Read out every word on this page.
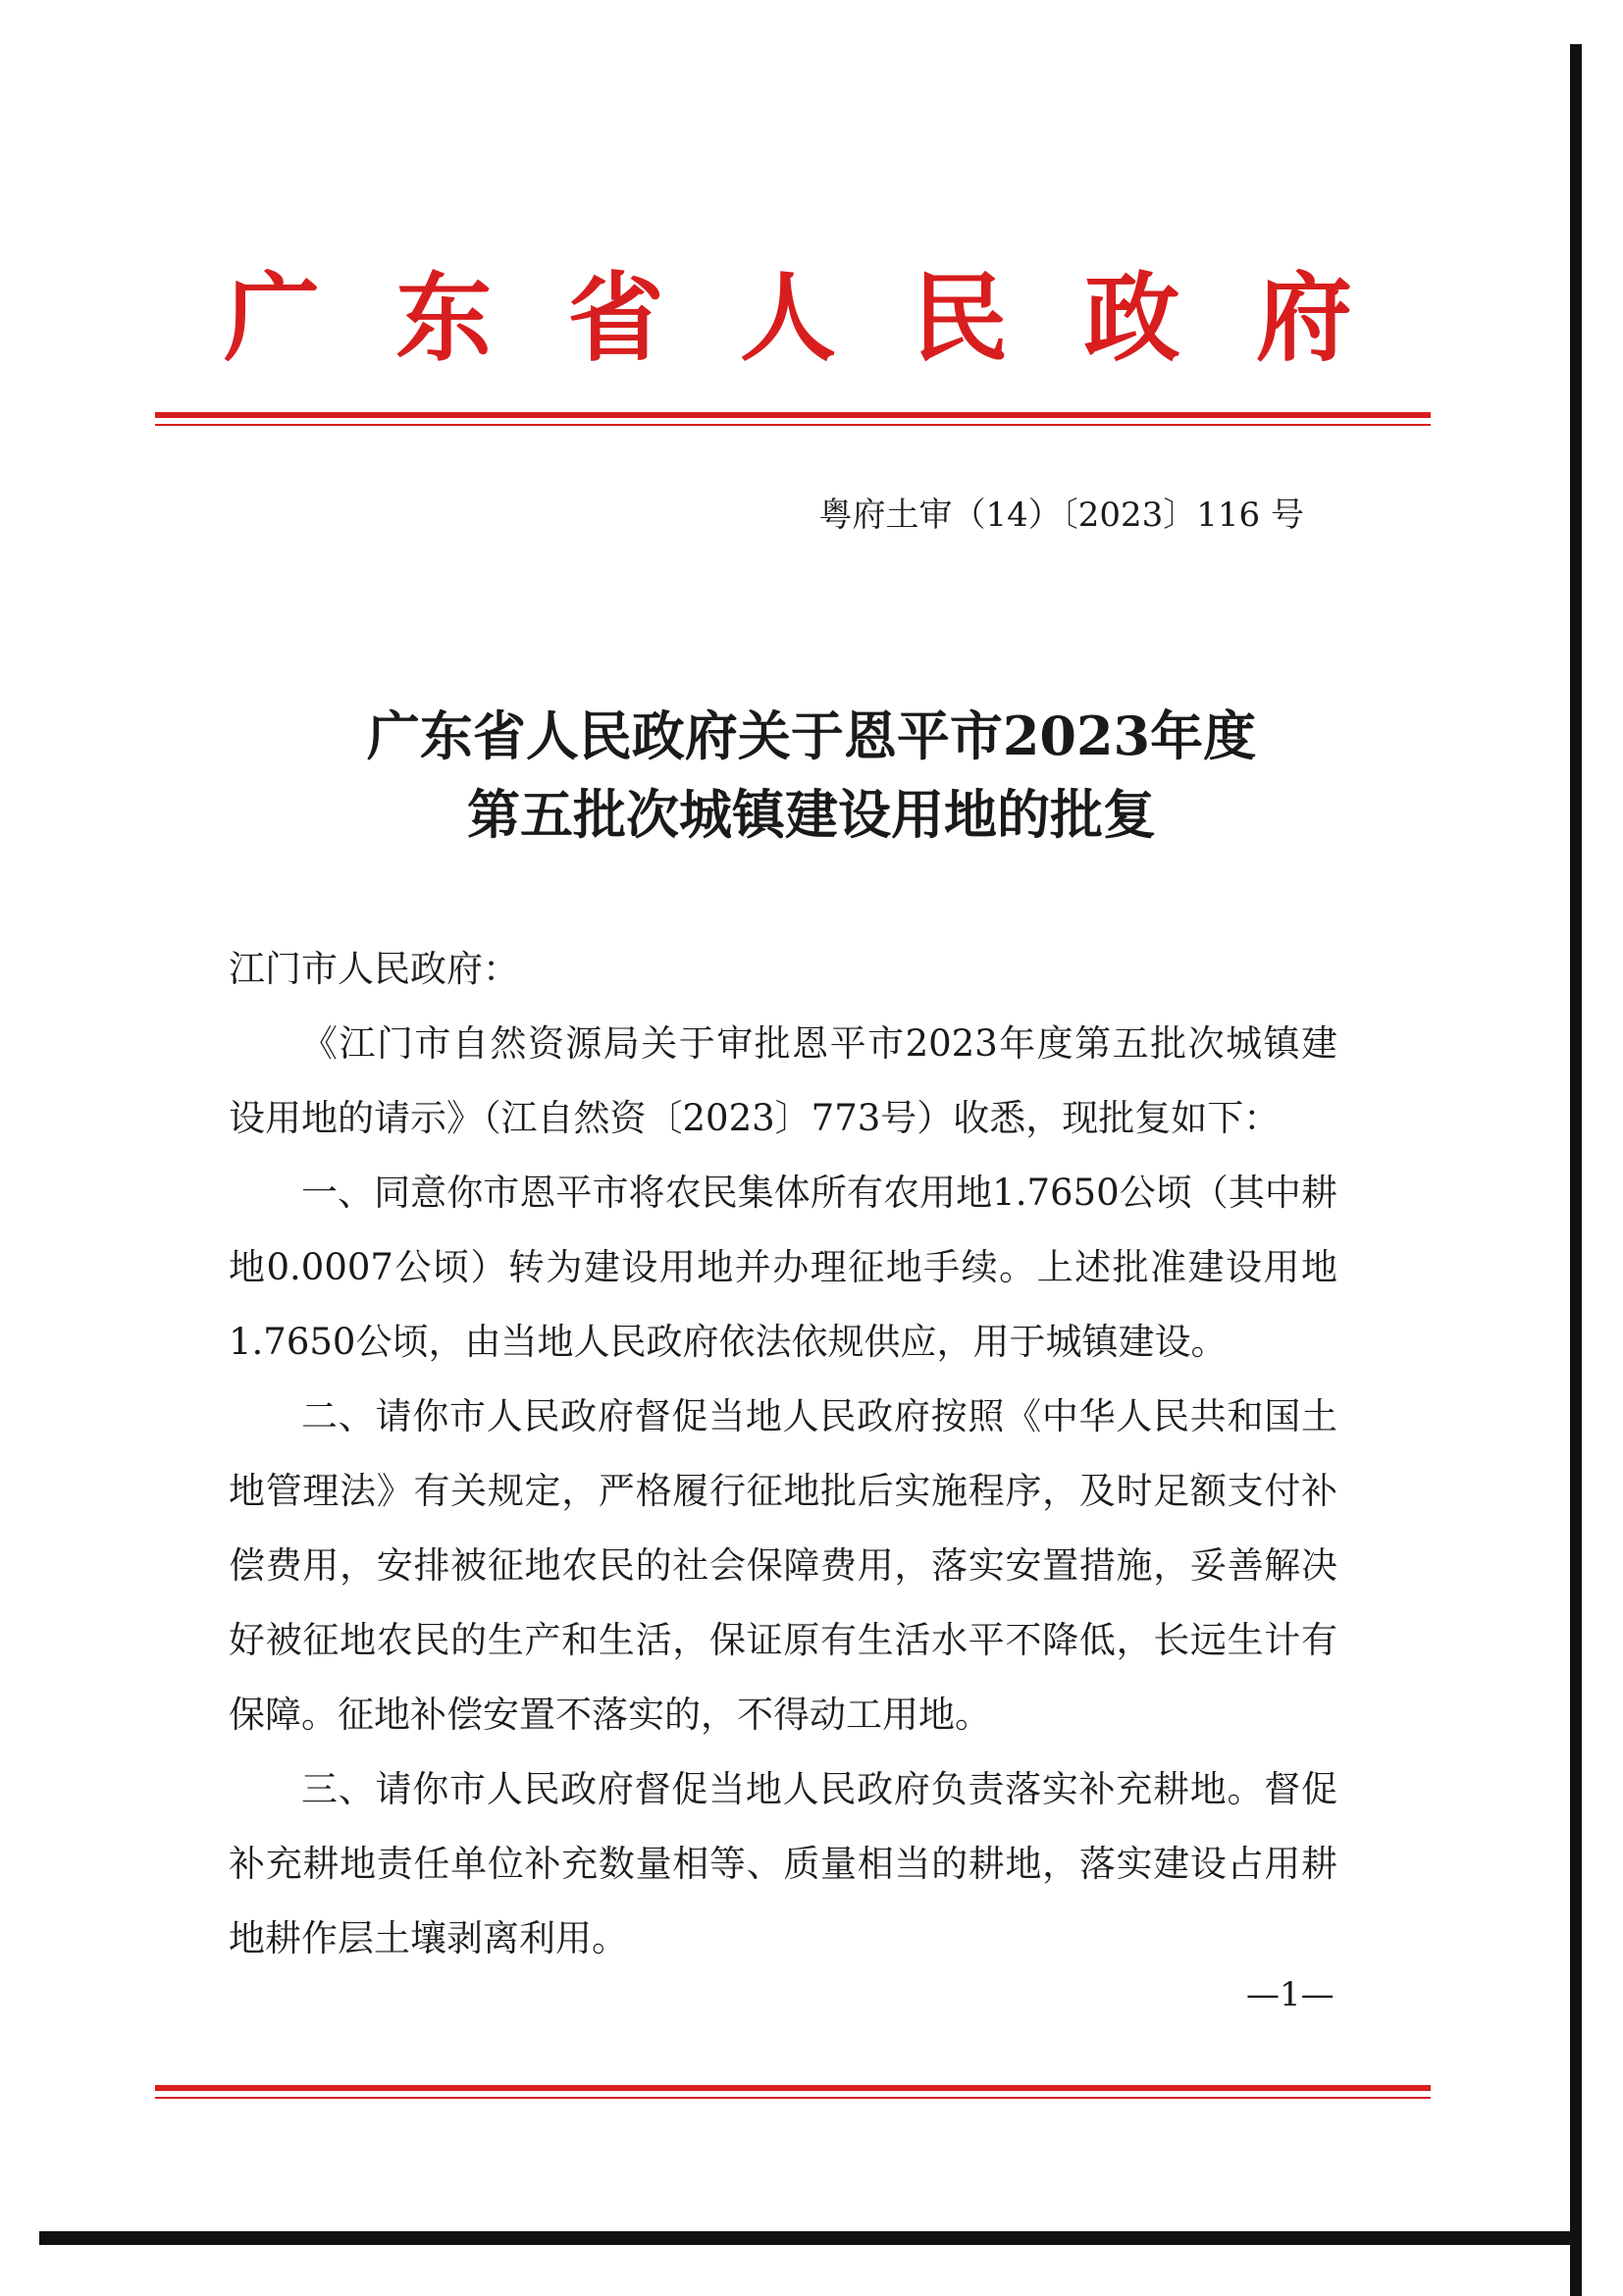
广 东 省 人 民 政 府

粤府土审（14）〔2023〕116 号

广东省人民政府关于恩平市2023年度
第五批次城镇建设用地的批复

江门市人民政府：

《江门市自然资源局关于审批恩平市2023年度第五批次城镇建设用地的请示》（江自然资〔2023〕773号）收悉，现批复如下：

一、同意你市恩平市将农民集体所有农用地1.7650公顷（其中耕地0.0007公顷）转为建设用地并办理征地手续。上述批准建设用地1.7650公顷，由当地人民政府依法依规供应，用于城镇建设。

二、请你市人民政府督促当地人民政府按照《中华人民共和国土地管理法》有关规定，严格履行征地批后实施程序，及时足额支付补偿费用，安排被征地农民的社会保障费用，落实安置措施，妥善解决好被征地农民的生产和生活，保证原有生活水平不降低，长远生计有保障。征地补偿安置不落实的，不得动工用地。

三、请你市人民政府督促当地人民政府负责落实补充耕地。督促补充耕地责任单位补充数量相等、质量相当的耕地，落实建设占用耕地耕作层土壤剥离利用。

—1—
